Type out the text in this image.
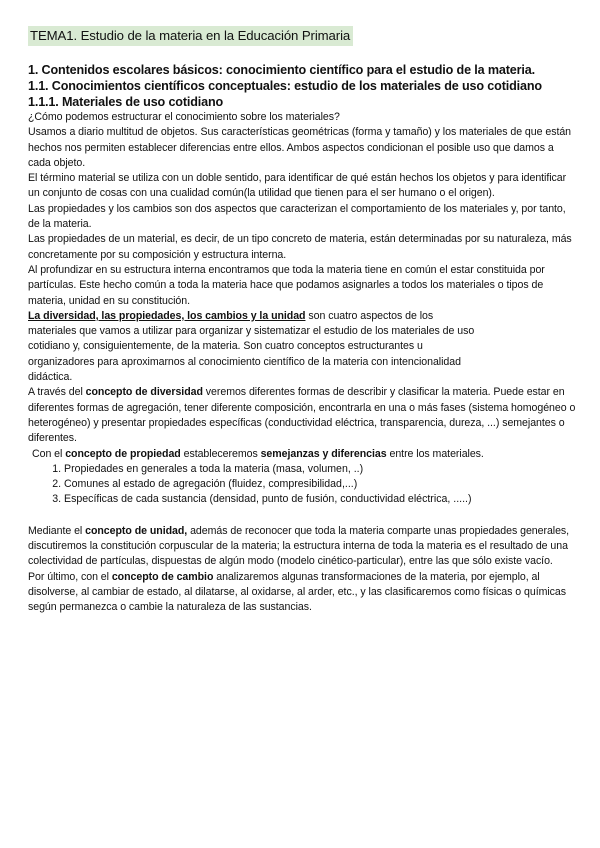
TEMA1. Estudio de la materia en la Educación Primaria

1. Contenidos escolares básicos: conocimiento científico para el estudio de la materia.

1.1. Conocimientos científicos conceptuales: estudio de los materiales de uso cotidiano

1.1.1. Materiales de uso cotidiano

¿Cómo podemos estructurar el conocimiento sobre los materiales?

Usamos a diario multitud de objetos. Sus características geométricas (forma y tamaño) y los materiales de que están hechos nos permiten establecer diferencias entre ellos. Ambos aspectos condicionan el posible uso que damos a cada objeto.

El término material se utiliza con un doble sentido, para identificar de qué están hechos los objetos y para identificar un conjunto de cosas con una cualidad común(la utilidad que tienen para el ser humano o el origen).

Las propiedades y los cambios son dos aspectos que caracterizan el comportamiento de los materiales y, por tanto, de la materia.

Las propiedades de un material, es decir, de un tipo concreto de materia, están determinadas por su naturaleza, más concretamente por su composición y estructura interna.

Al profundizar en su estructura interna encontramos que toda la materia tiene en común el estar constituida por partículas. Este hecho común a toda la materia hace que podamos asignarles a todos los materiales o tipos de materia, unidad en su constitución.

La diversidad, las propiedades, los cambios y la unidad son cuatro aspectos de los
materiales que vamos a utilizar para organizar y sistematizar el estudio de los materiales de uso
cotidiano y, consiguientemente, de la materia. Son cuatro conceptos estructurantes u
organizadores para aproximarnos al conocimiento científico de la materia con intencionalidad
didáctica.

A través del concepto de diversidad veremos diferentes formas de describir y clasificar la materia. Puede estar en diferentes formas de agregación, tener diferente composición, encontrarla en una o más fases (sistema homogéneo o heterogéneo) y presentar propiedades específicas (conductividad eléctrica, transparencia, dureza, ...) semejantes o diferentes.

Con el concepto de propiedad estableceremos semejanzas y diferencias entre los materiales.

1. Propiedades en generales a toda la materia (masa, volumen, ..)
2. Comunes al estado de agregación (fluidez, compresibilidad,...)
3. Específicas de cada sustancia (densidad, punto de fusión, conductividad eléctrica, .....)

Mediante el concepto de unidad, además de reconocer que toda la materia comparte unas propiedades generales, discutiremos la constitución corpuscular de la materia; la estructura interna de toda la materia es el resultado de una colectividad de partículas, dispuestas de algún modo (modelo cinético-particular), entre las que sólo existe vacío.

Por último, con el concepto de cambio analizaremos algunas transformaciones de la materia, por ejemplo, al disolverse, al cambiar de estado, al dilatarse, al oxidarse, al arder, etc., y las clasificaremos como físicas o químicas según permanezca o cambie la naturaleza de las sustancias.
